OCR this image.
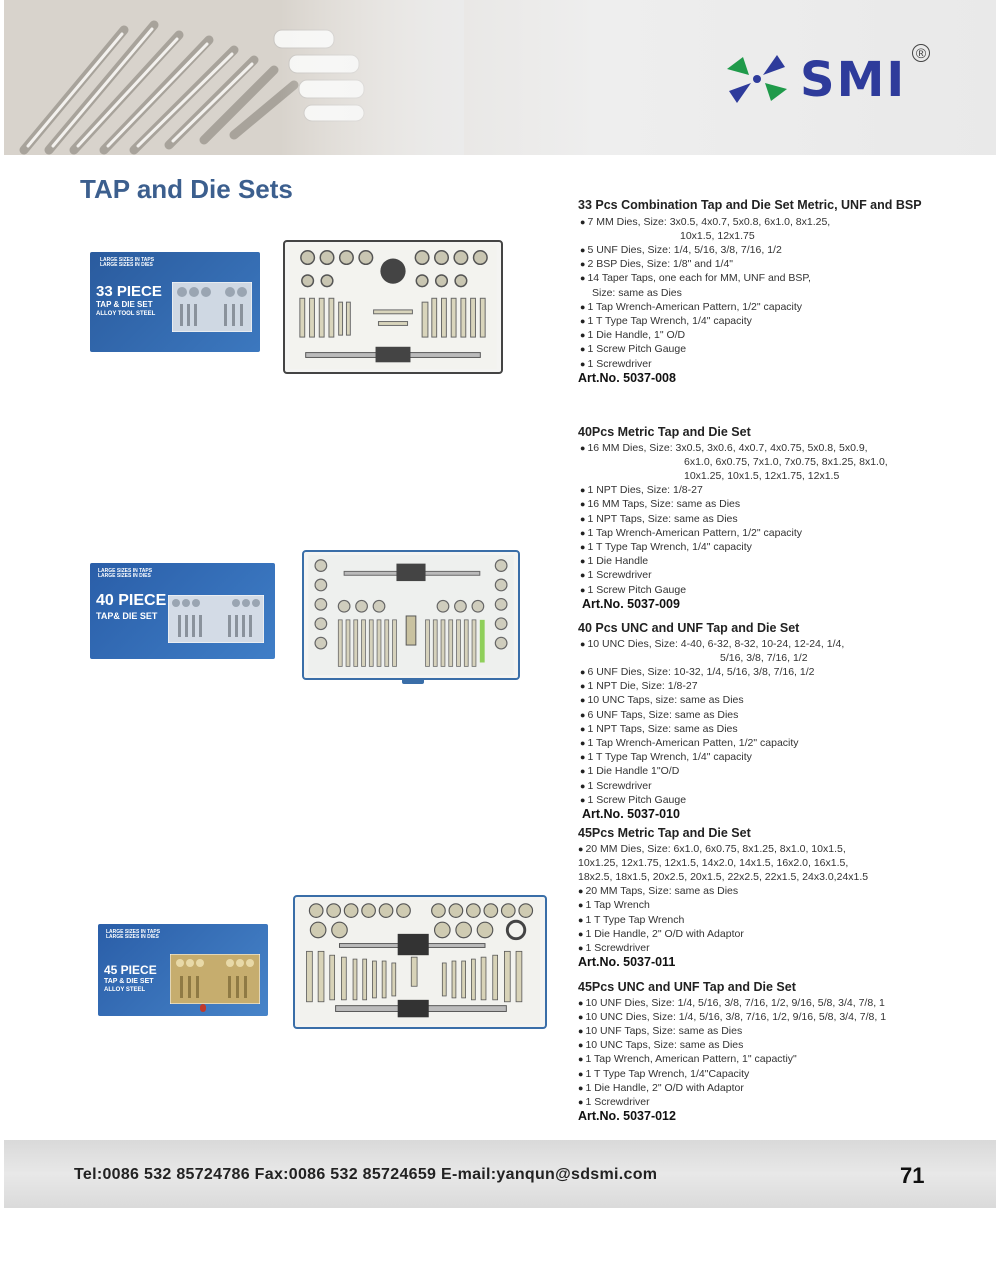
SMI ®
TAP and Die Sets
LARGE SIZES IN TAPS
LARGE SIZES IN DIES
33 PIECE
TAP & DIE SET
ALLOY TOOL STEEL
LARGE SIZES IN TAPS
LARGE SIZES IN DIES
40 PIECE
TAP& DIE SET
LARGE SIZES IN TAPS
LARGE SIZES IN DIES
45 PIECE
TAP & DIE SET
ALLOY STEEL
33 Pcs Combination Tap and Die Set Metric, UNF and BSP
● 7 MM Dies, Size: 3x0.5, 4x0.7, 5x0.8, 6x1.0, 8x1.25,
10x1.5, 12x1.75
● 5 UNF Dies, Size: 1/4, 5/16, 3/8, 7/16, 1/2
● 2 BSP Dies, Size: 1/8" and 1/4"
● 14 Taper Taps, one each for MM, UNF and BSP,
Size: same as Dies
● 1 Tap Wrench-American Pattern, 1/2" capacity
● 1 T Type Tap Wrench, 1/4" capacity
● 1 Die Handle, 1" O/D
● 1 Screw Pitch Gauge
● 1 Screwdriver
Art.No. 5037-008
40Pcs Metric Tap and Die Set
● 16 MM Dies, Size: 3x0.5, 3x0.6, 4x0.7, 4x0.75, 5x0.8, 5x0.9,
6x1.0, 6x0.75, 7x1.0, 7x0.75, 8x1.25, 8x1.0,
10x1.25, 10x1.5, 12x1.75, 12x1.5
● 1 NPT Dies, Size: 1/8-27
● 16 MM Taps, Size: same as Dies
● 1 NPT Taps, Size: same as Dies
● 1 Tap Wrench-American Pattern, 1/2" capacity
● 1 T Type Tap Wrench, 1/4" capacity
● 1 Die Handle
● 1 Screwdriver
● 1 Screw Pitch Gauge
Art.No. 5037-009
40 Pcs UNC and UNF Tap and Die Set
● 10 UNC Dies, Size: 4-40, 6-32, 8-32, 10-24, 12-24, 1/4,
5/16, 3/8, 7/16, 1/2
● 6 UNF Dies, Size: 10-32, 1/4, 5/16, 3/8, 7/16, 1/2
● 1 NPT Die, Size: 1/8-27
● 10 UNC Taps, size: same as Dies
● 6 UNF Taps, Size: same as Dies
● 1 NPT Taps, Size: same as Dies
● 1 Tap Wrench-American Patten, 1/2" capacity
● 1 T Type Tap Wrench, 1/4" capacity
● 1 Die Handle 1"O/D
● 1 Screwdriver
● 1 Screw Pitch Gauge
Art.No. 5037-010
45Pcs Metric Tap and Die Set
● 20 MM Dies, Size: 6x1.0, 6x0.75, 8x1.25, 8x1.0, 10x1.5,
10x1.25, 12x1.75, 12x1.5, 14x2.0, 14x1.5, 16x2.0, 16x1.5,
18x2.5, 18x1.5, 20x2.5, 20x1.5, 22x2.5, 22x1.5, 24x3.0,24x1.5
● 20 MM Taps, Size: same as Dies
● 1 Tap Wrench
● 1 T Type Tap Wrench
● 1 Die Handle, 2" O/D with Adaptor
● 1 Screwdriver
Art.No. 5037-011
45Pcs UNC and UNF Tap and Die Set
● 10 UNF Dies, Size: 1/4, 5/16, 3/8, 7/16, 1/2, 9/16, 5/8, 3/4, 7/8, 1
● 10 UNC Dies, Size: 1/4, 5/16, 3/8, 7/16, 1/2, 9/16, 5/8, 3/4, 7/8, 1
● 10 UNF Taps, Size: same as Dies
● 10 UNC Taps, Size: same as Dies
● 1 Tap Wrench, American Pattern, 1" capactiy"
● 1 T Type Tap Wrench, 1/4"Capacity
● 1 Die Handle, 2" O/D with Adaptor
● 1 Screwdriver
Art.No. 5037-012
Tel:0086 532 85724786 Fax:0086 532 85724659 E-mail:yanqun@sdsmi.com	71
